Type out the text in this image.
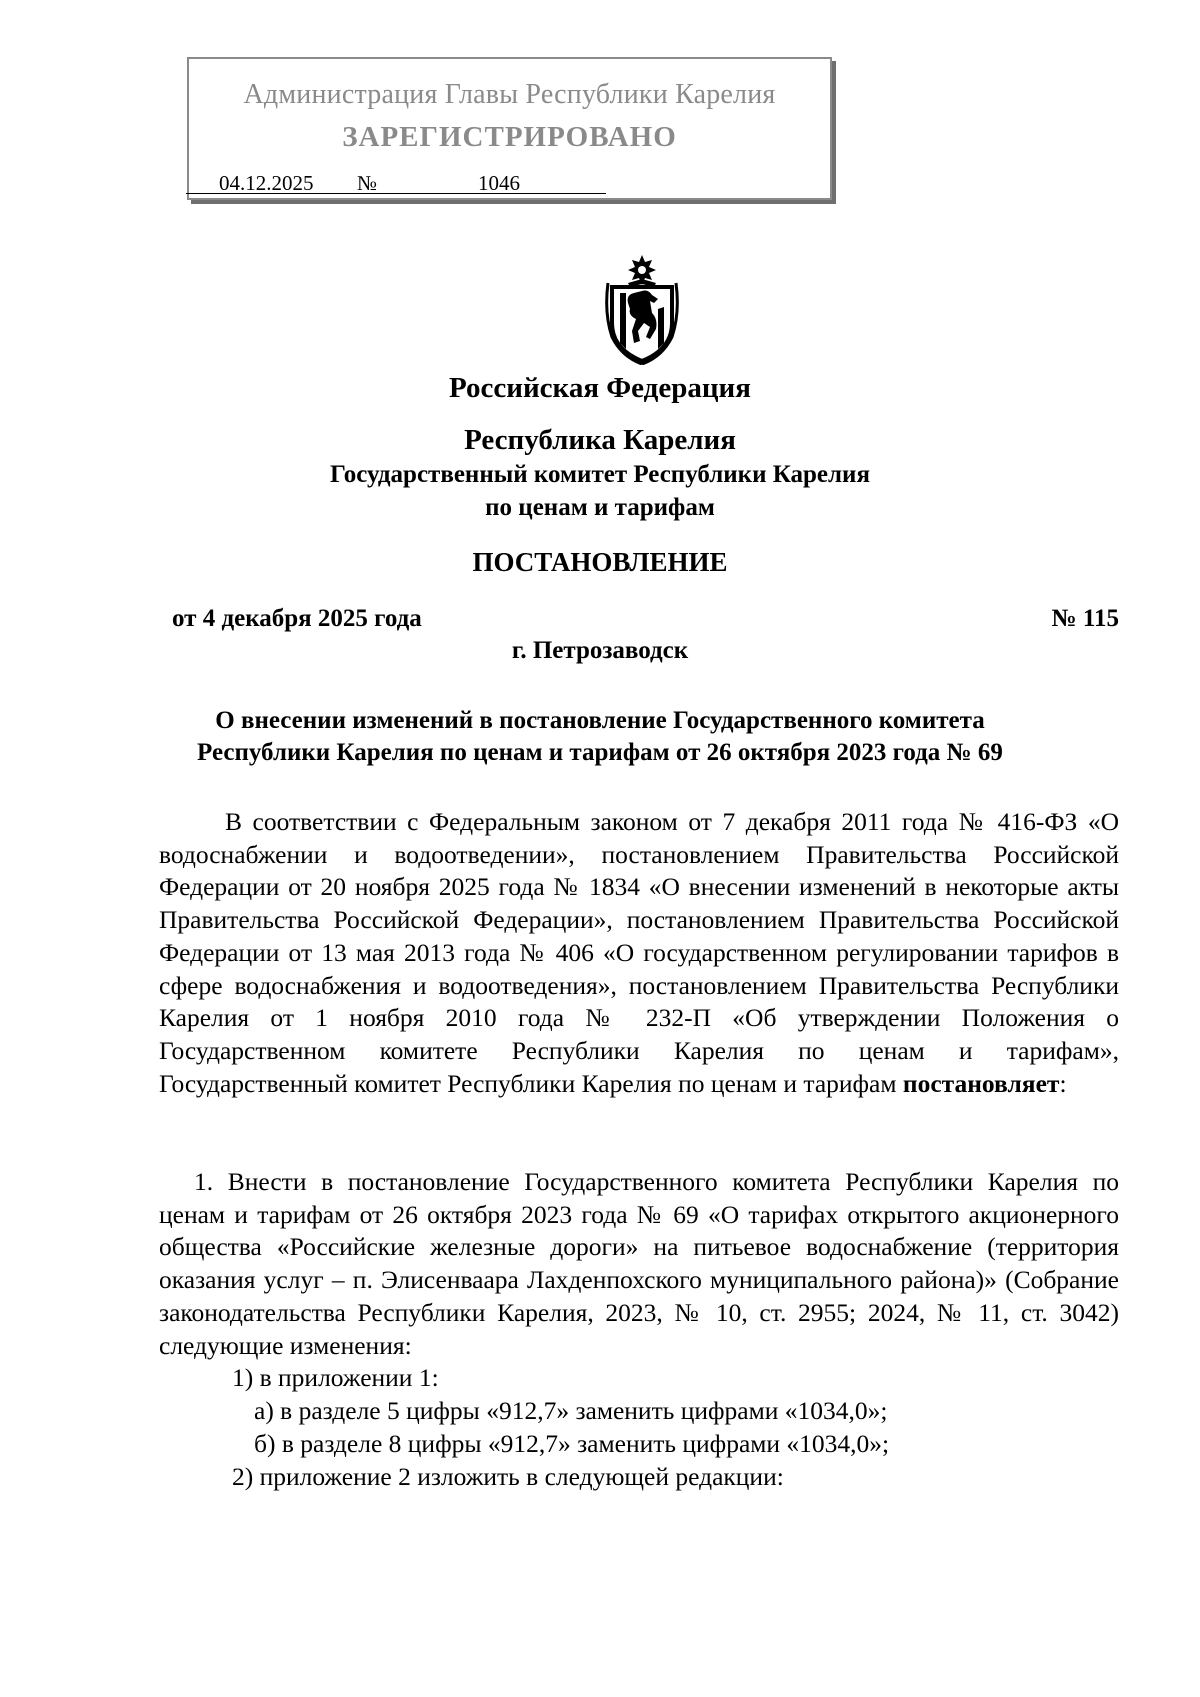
Администрация Главы Республики Карелия
ЗАРЕГИСТРИРОВАНО
04.12.2025 №	1046
Российская Федерация
Республика Карелия
Государственный комитет Республики Карелия
по ценам и тарифам
ПОСТАНОВЛЕНИЕ
от 4 декабря 2025 года	№ 115
г. Петрозаводск
О внесении изменений в постановление Государственного комитета
Республики Карелия по ценам и тарифам от 26 октября 2023 года № 69
В соответствии с Федеральным законом от 7 декабря 2011 года № 416-ФЗ «О водоснабжении и водоотведении», постановлением Правительства Российской Федерации от 20 ноября 2025 года № 1834 «О внесении изменений в некоторые акты Правительства Российской Федерации», постановлением Правительства Российской Федерации от 13 мая 2013 года № 406 «О государственном регулировании тарифов в сфере водоснабжения и водоотведения», постановлением Правительства Республики Карелия от 1 ноября 2010 года № 232-П «Об утверждении Положения о Государственном комитете Республики Карелия по ценам и тарифам», Государственный комитет Республики Карелия по ценам и тарифам постановляет:
1. Внести в постановление Государственного комитета Республики Карелия по ценам и тарифам от 26 октября 2023 года № 69 «О тарифах открытого акционерного общества «Российские железные дороги» на питьевое водоснабжение (территория оказания услуг – п. Элисенваара Лахденпохского муниципального района)» (Собрание законодательства Республики Карелия, 2023, № 10, ст. 2955; 2024, № 11, ст. 3042) следующие изменения:
1) в приложении 1:
а) в разделе 5 цифры «912,7» заменить цифрами «1034,0»;
б) в разделе 8 цифры «912,7» заменить цифрами «1034,0»;
2) приложение 2 изложить в следующей редакции:
